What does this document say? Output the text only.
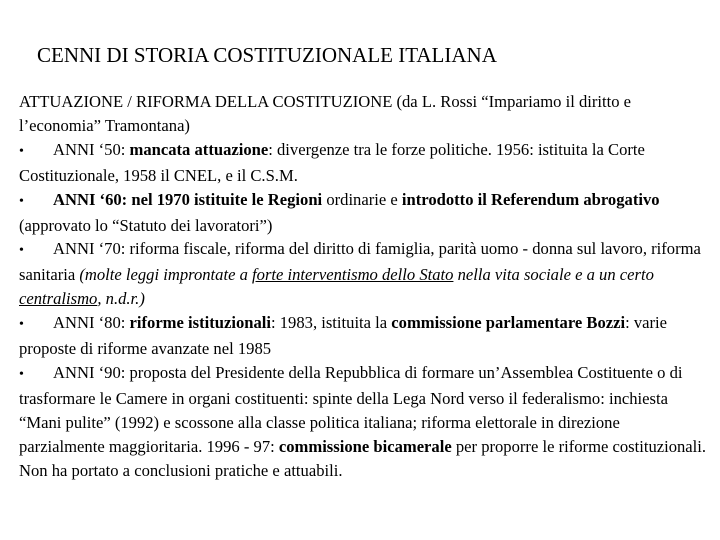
CENNI DI STORIA COSTITUZIONALE ITALIANA

ATTUAZIONE / RIFORMA DELLA COSTITUZIONE (da L. Rossi “Impariamo il diritto e l’economia” Tramontana)

• ANNI ‘50: mancata attuazione: divergenze tra le forze politiche. 1956: istituita la Corte Costituzionale, 1958 il CNEL, e il C.S.M.

• ANNI ‘60: nel 1970 istituite le Regioni ordinarie e introdotto il Referendum abrogativo (approvato lo “Statuto dei lavoratori”)

• ANNI ‘70: riforma fiscale, riforma del diritto di famiglia, parità uomo - donna sul lavoro, riforma sanitaria (molte leggi improntate a forte interventismo dello Stato nella vita sociale e a un certo centralismo, n.d.r.)

• ANNI ‘80: riforme istituzionali: 1983, istituita la commissione parlamentare Bozzi: varie proposte di riforme avanzate nel 1985

• ANNI ‘90: proposta del Presidente della Repubblica di formare un’Assemblea Costituente o di trasformare le Camere in organi costituenti: spinte della Lega Nord verso il federalismo: inchiesta “Mani pulite” (1992) e scossone alla classe politica italiana; riforma elettorale in direzione parzialmente maggioritaria. 1996 - 97: commissione bicamerale per proporre le riforme costituzionali. Non ha portato a conclusioni pratiche e attuabili.
